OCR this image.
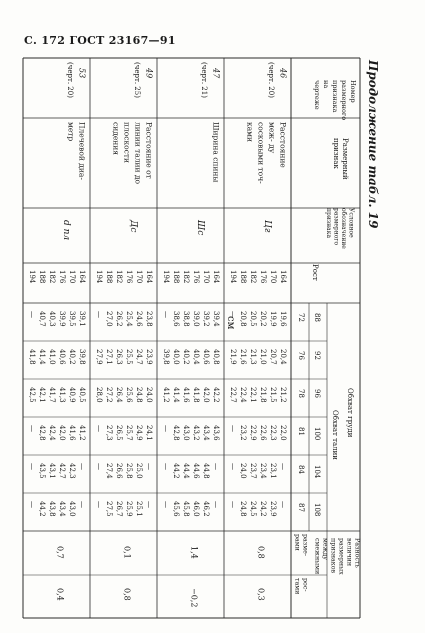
С. 172 ГОСТ 23167—91
Продолжение табл. 19
см
Номер
размерного
признака
на
чертеже
Размерный
признак
Условное
обозначение
размерного
признака
Рост
Обхват груди
Обхват талии
Разность
величин
размерных
признаков
между
смежными
разме-
рами
рос-
тами
88
92
96
100
104
108
72
76
78
81
84
87
46
(черт. 20)
Расстояние
меж- ду
сосковыми точ-
ками
Цг
164
19,6
20,4
21,2
22,0
—
—
170
19,9
20,7
21,5
22,3
23,1
23,9
176
20,2
21,0
21,8
22,6
23,4
24,2
182
20,5
21,3
22,1
22,9
23,7
24,5
188
20,8
21,6
22,4
23,2
24,0
24,8
194
—
21,9
22,7
—
—
—
0,8
0,3
47
(черт. 21)
Ширина спины
Шс
164
39,4
40,8
42,2
43,6
—
—
170
39,2
40,6
42,0
43,4
44,8
46,2
176
39,0
40,4
41,8
43,2
44,6
46,0
182
38,8
40,2
41,6
43,0
44,4
45,8
188
38,6
40,0
41,4
42,8
44,2
45,6
194
—
39,8
41,2
—
—
—
1,4
−0,2
49
(черт. 25)
Расстояние от
линии талии до
плоскости
сидения
Дс
164
23,8
23,9
24,0
24,1
—
—
170
24,6
24,7
24,8
24,9
25,0
25,1
176
25,4
25,5
25,6
25,7
25,8
25,9
182
26,2
26,3
26,4
26,5
26,6
26,7
188
27,0
27,1
27,2
27,3
27,4
27,5
194
—
27,9
28,0
—
—
—
0,1
0,8
53
(черт. 20)
Плечевой диа-
метр
d пл
164
39,1
39,8
40,5
41,2
—
—
170
39,5
40,2
40,9
41,6
42,3
43,0
176
39,9
40,6
41,3
42,0
42,7
43,4
182
40,3
41,0
41,7
42,4
43,1
43,8
188
40,7
41,4
42,1
42,8
43,5
44,2
194
—
41,8
42,5
—
—
—
0,7
0,4
